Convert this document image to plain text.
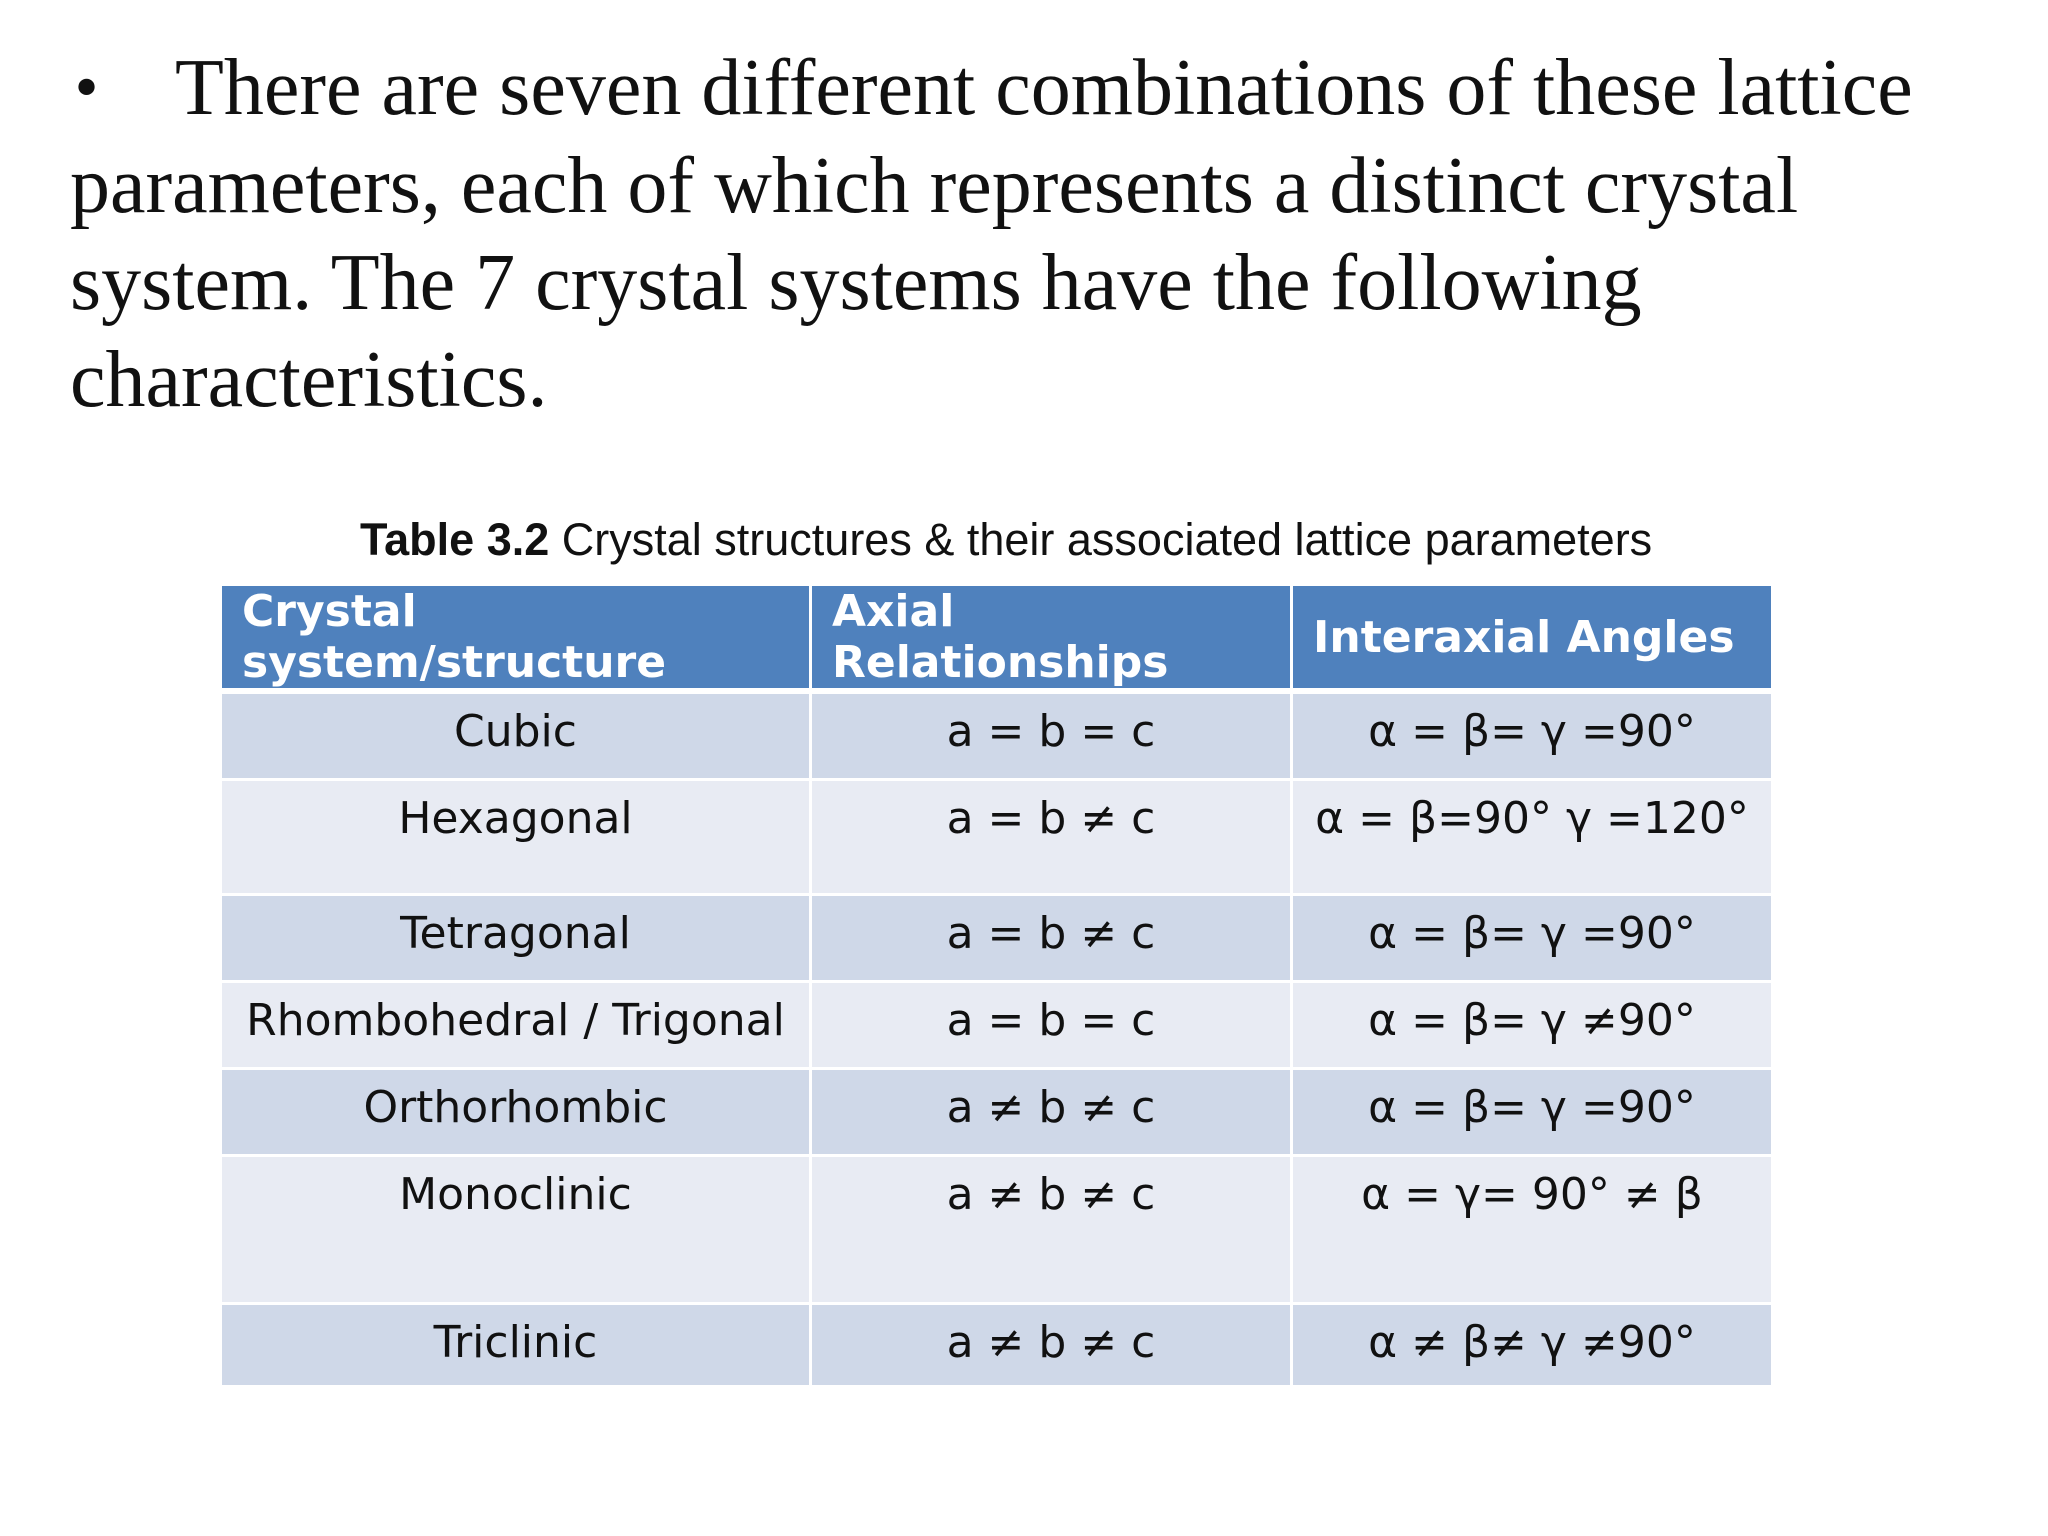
• There are seven different combinations of these lattice
parameters, each of which represents a distinct crystal
system. The 7 crystal systems have the following
characteristics.
Table 3.2 Crystal structures & their associated lattice parameters
Crystal system/structure	Axial Relationships	Interaxial Angles
Cubic	a = b = c	α = β= γ =90°
Hexagonal	a = b ≠ c	α = β=90° γ =120°
Tetragonal	a = b ≠ c	α = β= γ =90°
Rhombohedral / Trigonal	a = b = c	α = β= γ ≠90°
Orthorhombic	a ≠ b ≠ c	α = β= γ =90°
Monoclinic	a ≠ b ≠ c	α = γ= 90° ≠ β
Triclinic	a ≠ b ≠ c	α ≠ β≠ γ ≠90°
